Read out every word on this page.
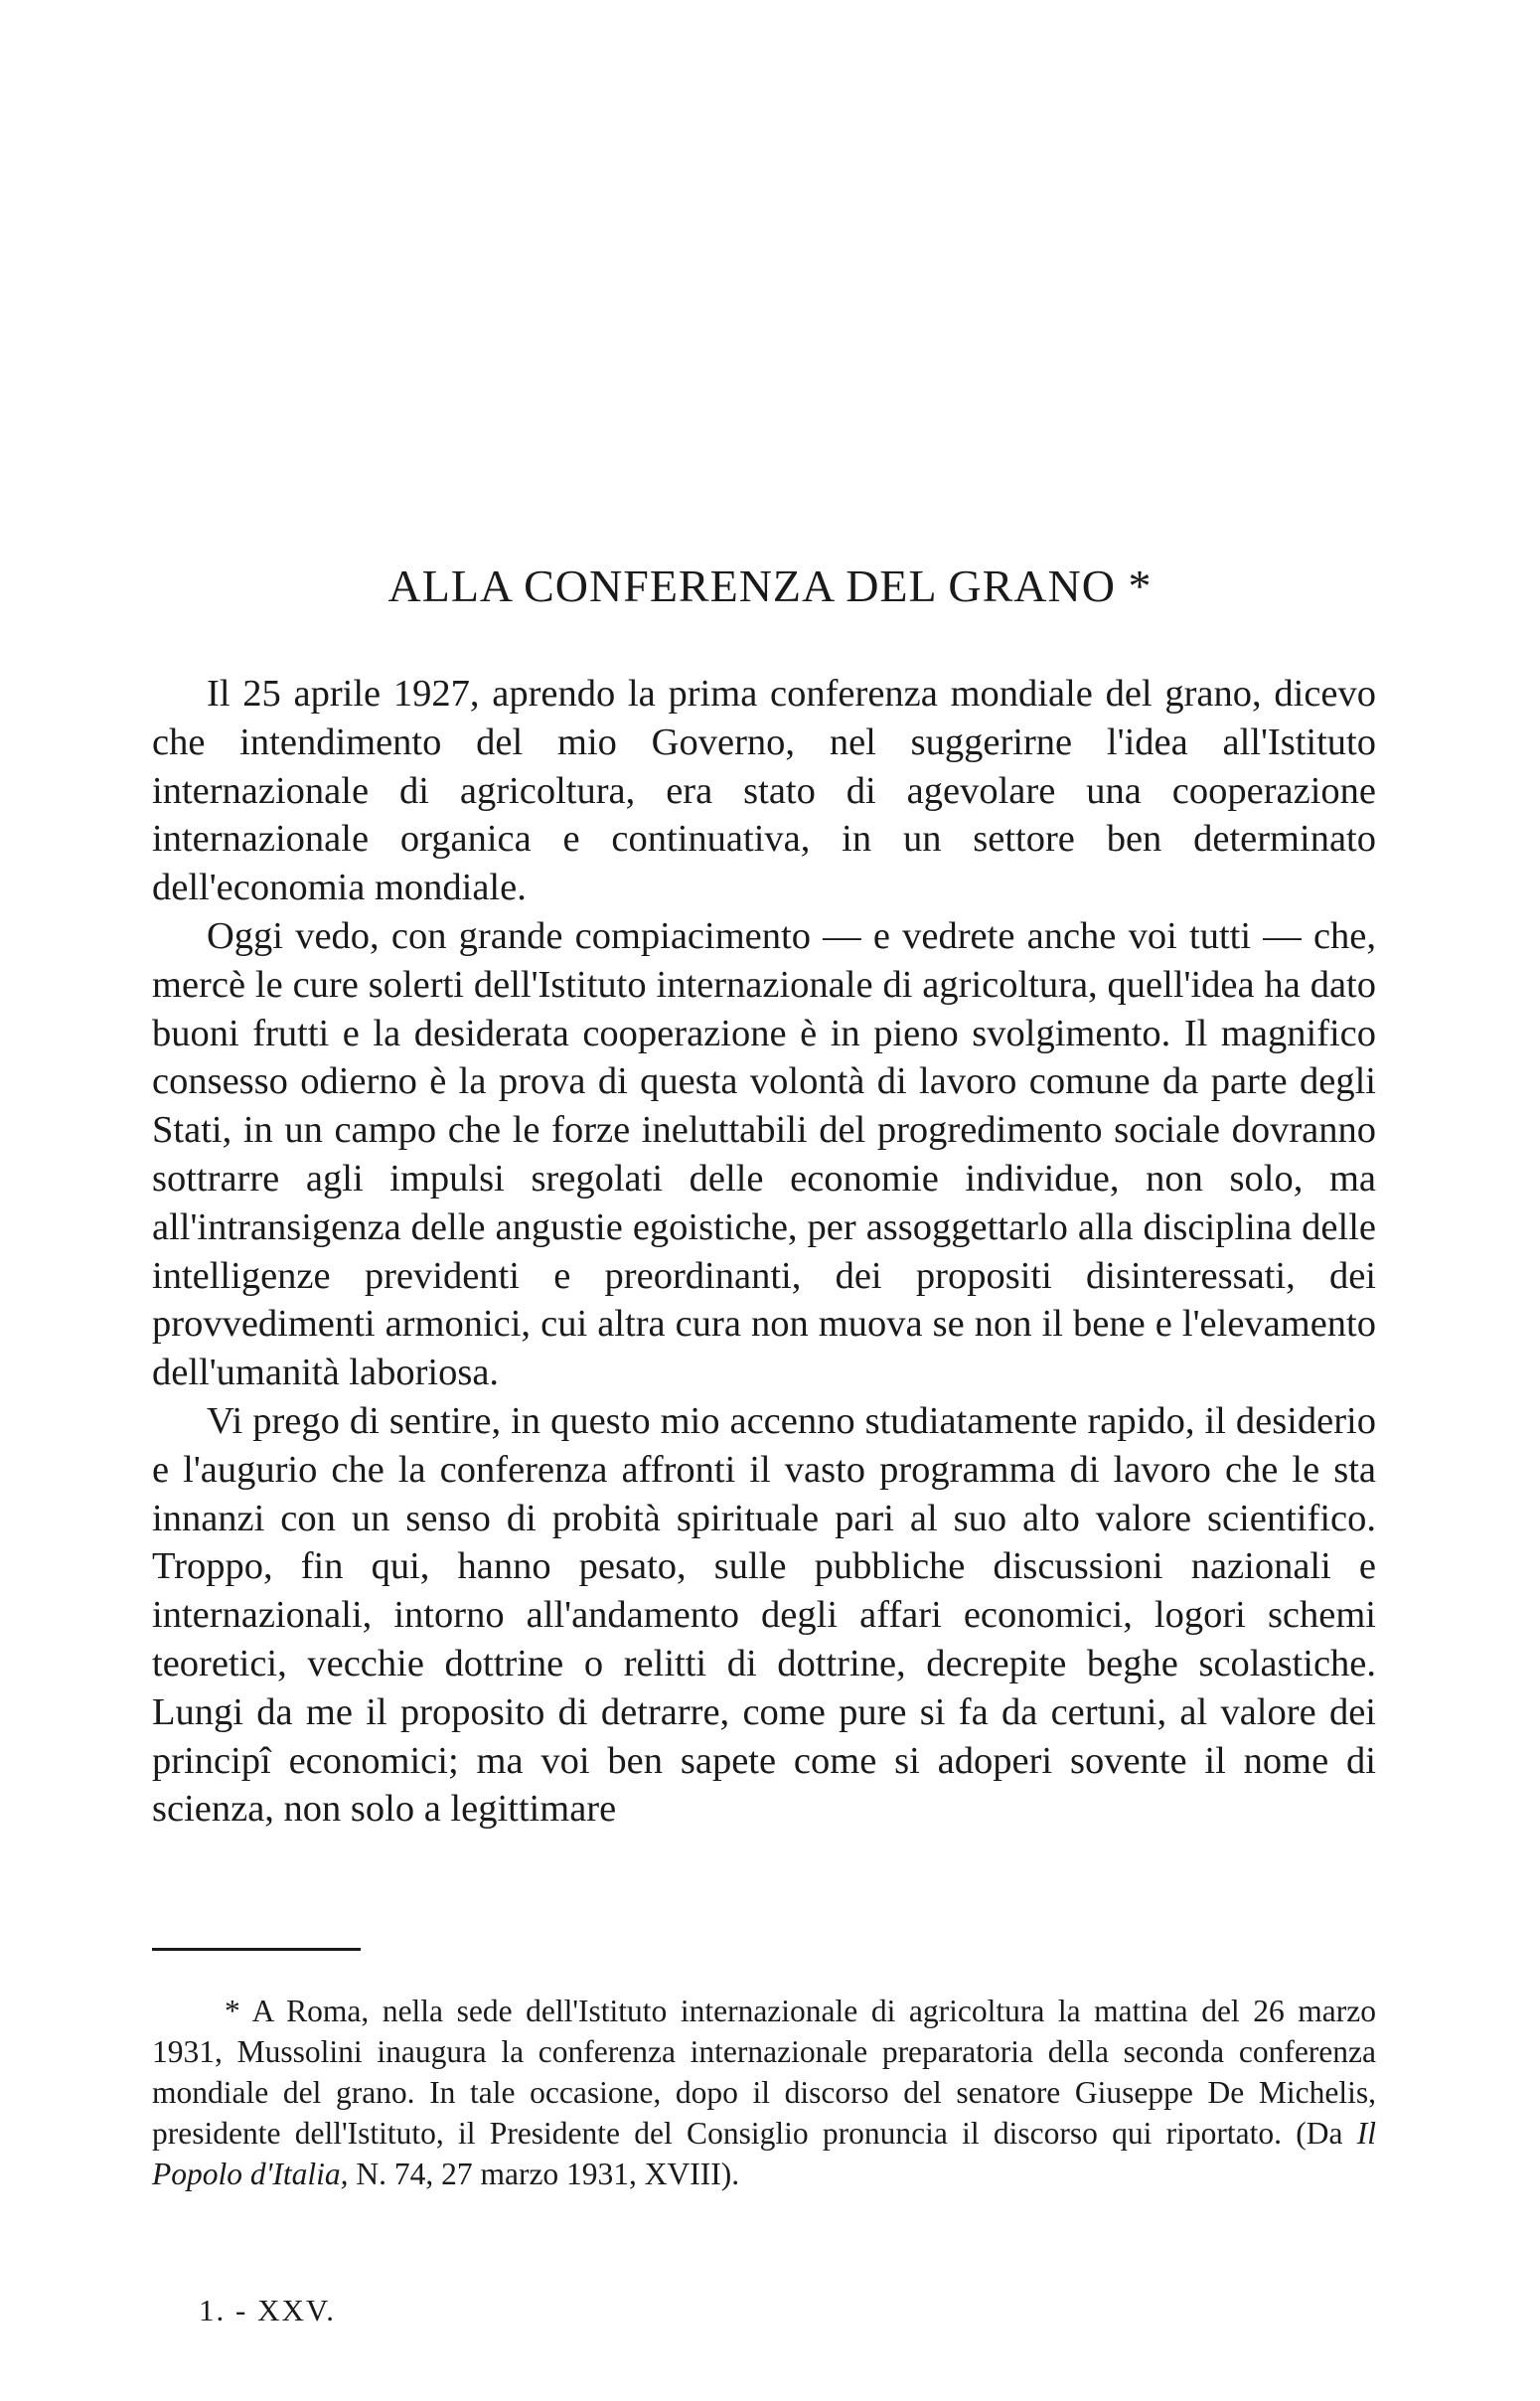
ALLA CONFERENZA DEL GRANO *

Il 25 aprile 1927, aprendo la prima conferenza mondiale del grano, dicevo che intendimento del mio Governo, nel suggerirne l'idea all'Istituto internazionale di agricoltura, era stato di agevolare una cooperazione internazionale organica e continuativa, in un settore ben determinato dell'economia mondiale.

Oggi vedo, con grande compiacimento — e vedrete anche voi tutti — che, mercè le cure solerti dell'Istituto internazionale di agricoltura, quell'idea ha dato buoni frutti e la desiderata cooperazione è in pieno svolgimento. Il magnifico consesso odierno è la prova di questa volontà di lavoro comune da parte degli Stati, in un campo che le forze ineluttabili del progredimento sociale dovranno sottrarre agli impulsi sregolati delle economie individue, non solo, ma all'intransigenza delle angustie egoistiche, per assoggettarlo alla disciplina delle intelligenze previdenti e preordinanti, dei propositi disinteressati, dei provvedimenti armonici, cui altra cura non muova se non il bene e l'elevamento dell'umanità laboriosa.

Vi prego di sentire, in questo mio accenno studiatamente rapido, il desiderio e l'augurio che la conferenza affronti il vasto programma di lavoro che le sta innanzi con un senso di probità spirituale pari al suo alto valore scientifico. Troppo, fin qui, hanno pesato, sulle pubbliche discussioni nazionali e internazionali, intorno all'andamento degli affari economici, logori schemi teoretici, vecchie dottrine o relitti di dottrine, decrepite beghe scolastiche. Lungi da me il proposito di detrarre, come pure si fa da certuni, al valore dei principî economici; ma voi ben sapete come si adoperi sovente il nome di scienza, non solo a legittimare

* A Roma, nella sede dell'Istituto internazionale di agricoltura la mattina del 26 marzo 1931, Mussolini inaugura la conferenza internazionale preparatoria della seconda conferenza mondiale del grano. In tale occasione, dopo il discorso del senatore Giuseppe De Michelis, presidente dell'Istituto, il Presidente del Consiglio pronuncia il discorso qui riportato. (Da Il Popolo d'Italia, N. 74, 27 marzo 1931, XVIII).

1. - XXV.
